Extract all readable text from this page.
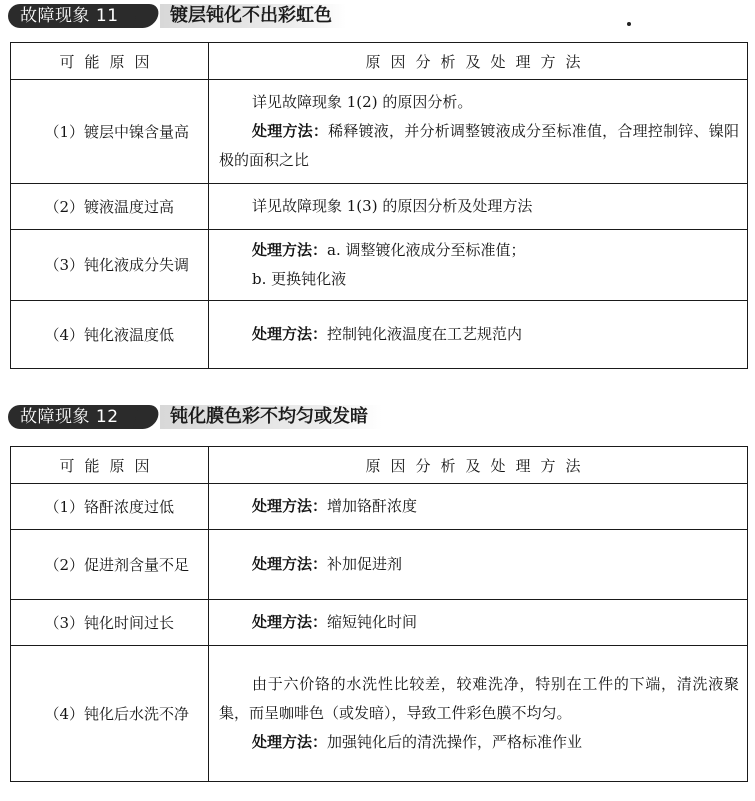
故障现象 11	镀层钝化不出彩虹色
可能原因	原因分析及处理方法
（1）镀层中镍含量高	详见故障现象 1(2) 的原因分析。
处理方法：稀释镀液，并分析调整镀液成分至标准值，合理控制锌、镍阳极的面积之比

（2）镀液温度过高	详见故障现象 1(3) 的原因分析及处理方法

（3）钝化液成分失调	处理方法：a. 调整镀化液成分至标准值；
b. 更换钝化液

（4）钝化液温度低	处理方法：控制钝化液温度在工艺规范内
故障现象 12	钝化膜色彩不均匀或发暗
可能原因	原因分析及处理方法
（1）铬酐浓度过低	处理方法：增加铬酐浓度

（2）促进剂含量不足	处理方法：补加促进剂

（3）钝化时间过长	处理方法：缩短钝化时间

（4）钝化后水洗不净	由于六价铬的水洗性比较差，较难洗净，特别在工件的下端，清洗液聚集，而呈咖啡色（或发暗），导致工件彩色膜不均匀。
处理方法：加强钝化后的清洗操作，严格标准作业
